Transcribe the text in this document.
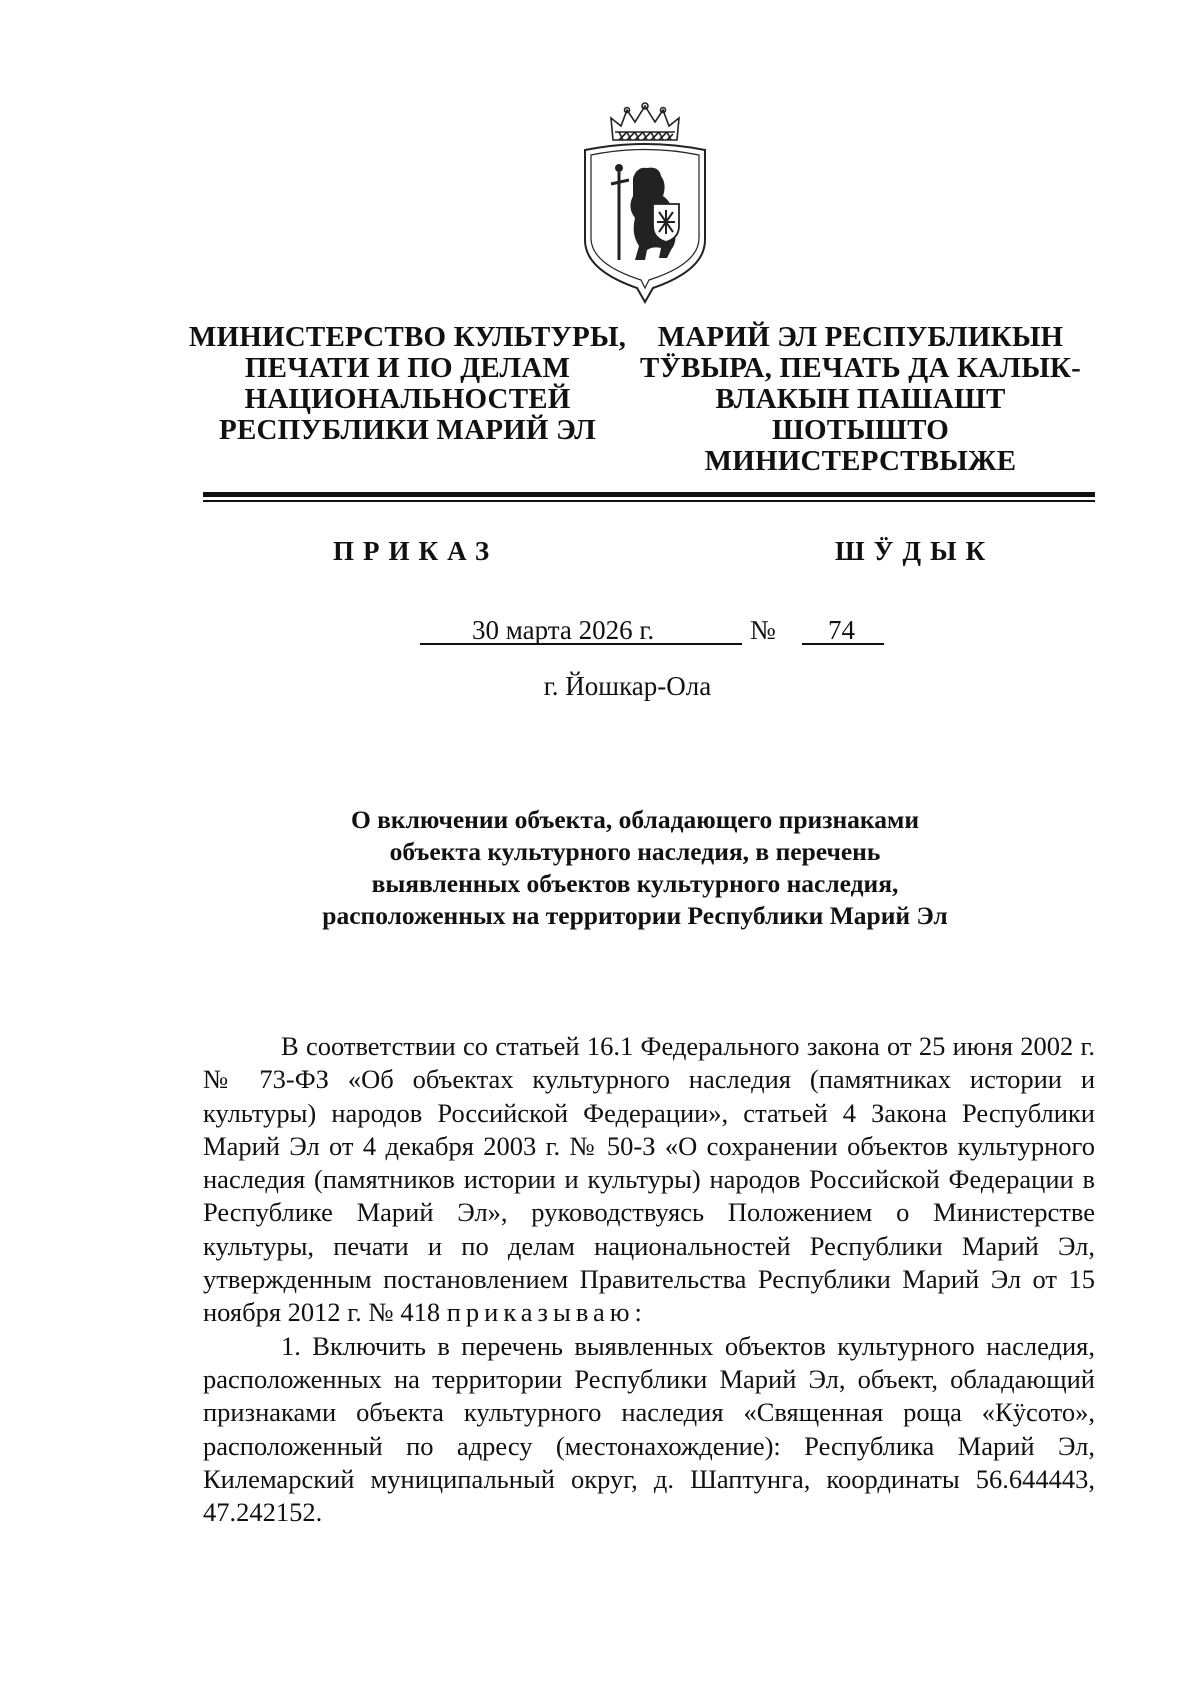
МИНИСТЕРСТВО КУЛЬТУРЫ,
ПЕЧАТИ И ПО ДЕЛАМ
НАЦИОНАЛЬНОСТЕЙ
РЕСПУБЛИКИ МАРИЙ ЭЛ
МАРИЙ ЭЛ РЕСПУБЛИКЫН
ТӰВЫРА, ПЕЧАТЬ ДА КАЛЫК-
ВЛАКЫН ПАШАШТ ШОТЫШТО
МИНИСТЕРСТВЫЖЕ
ПРИКАЗ	ШӰДЫК
30 марта 2026 г.	№ 74
г. Йошкар-Ола
О включении объекта, обладающего признаками
объекта культурного наследия, в перечень
выявленных объектов культурного наследия,
расположенных на территории Республики Марий Эл

В соответствии со статьей 16.1 Федерального закона от 25 июня 2002 г. № 73-ФЗ «Об объектах культурного наследия (памятниках истории и культуры) народов Российской Федерации», статьей 4 Закона Республики Марий Эл от 4 декабря 2003 г. № 50-З «О сохранении объектов культурного наследия (памятников истории и культуры) народов Российской Федерации в Республике Марий Эл», руководствуясь Положением о Министерстве культуры, печати и по делам национальностей Республики Марий Эл, утвержденным постановлением Правительства Республики Марий Эл от 15 ноября 2012 г. № 418 приказываю:

1. Включить в перечень выявленных объектов культурного наследия, расположенных на территории Республики Марий Эл, объект, обладающий признаками объекта культурного наследия «Священная роща «Кӱсото», расположенный по адресу (местонахождение): Республика Марий Эл, Килемарский муниципальный округ, д. Шаптунга, координаты 56.644443, 47.242152.
